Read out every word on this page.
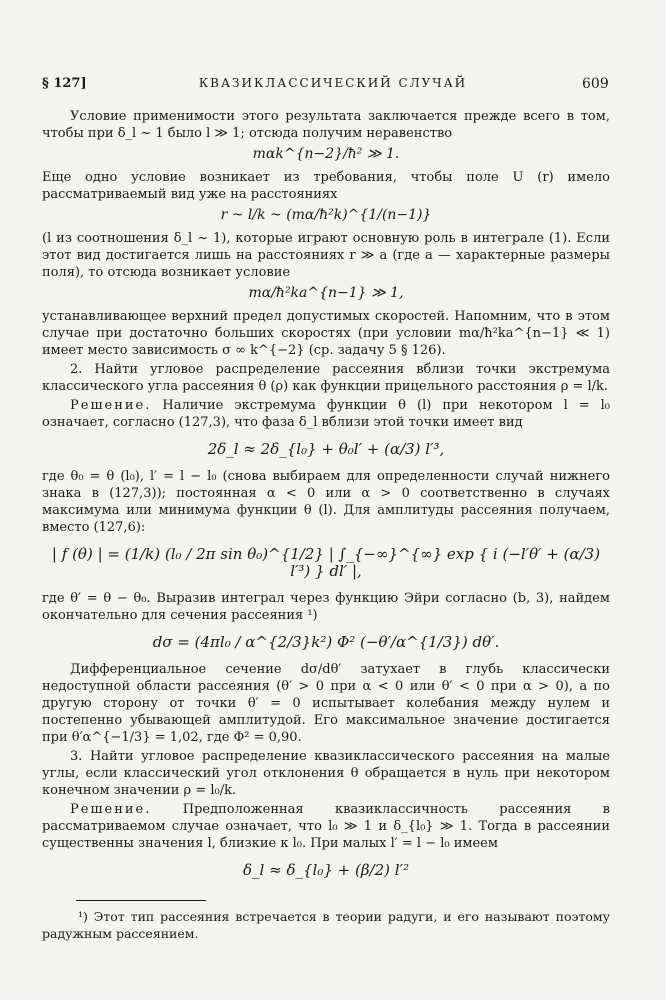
§ 127]	КВАЗИКЛАССИЧЕСКИЙ СЛУЧАЙ	609

Условие применимости этого результата заключается прежде всего в том, чтобы при δ_l ~ 1 было l ≫ 1; отсюда получим неравенство

mαk^{n−2}/ħ² ≫ 1.

Еще одно условие возникает из требования, чтобы поле U (r) имело рассматриваемый вид уже на расстояниях

r ~ l/k ~ (mα/ħ²k)^{1/(n−1)}

(l из соотношения δ_l ~ 1), которые играют основную роль в интеграле (1). Если этот вид достигается лишь на расстояниях r ≫ a (где a — характерные размеры поля), то отсюда возникает условие

mα/ħ²ka^{n−1} ≫ 1,

устанавливающее верхний предел допустимых скоростей. Напомним, что в этом случае при достаточно больших скоростях (при условии mα/ħ²ka^{n−1} ≪ 1) имеет место зависимость σ ∞ k^{−2} (ср. задачу 5 § 126).

2. Найти угловое распределение рассеяния вблизи точки экстремума классического угла рассеяния θ (ρ) как функции прицельного расстояния ρ = l/k.

Решение. Наличие экстремума функции θ (l) при некотором l = l₀ означает, согласно (127,3), что фаза δ_l вблизи этой точки имеет вид

2δ_l ≈ 2δ_{l₀} + θ₀l′ + (α/3) l′³,

где θ₀ = θ (l₀), l′ = l − l₀ (снова выбираем для определенности случай нижнего знака в (127,3)); постоянная α < 0 или α > 0 соответственно в случаях максимума или минимума функции θ (l). Для амплитуды рассеяния получаем, вместо (127,6):

| f (θ) | = (1/k) (l₀ / 2π sin θ₀)^{1/2} | ∫_{−∞}^{∞} exp { i (−l′θ′ + (α/3) l′³) } dl′ |,

где θ′ = θ − θ₀. Выразив интеграл через функцию Эйри согласно (b, 3), найдем окончательно для сечения рассеяния ¹)

dσ = (4πl₀ / α^{2/3}k²) Φ² (−θ′/α^{1/3}) dθ′.

Дифференциальное сечение dσ/dθ′ затухает в глубь классически недоступной области рассеяния (θ′ > 0 при α < 0 или θ′ < 0 при α > 0), а по другую сторону от точки θ′ = 0 испытывает колебания между нулем и постепенно убывающей амплитудой. Его максимальное значение достигается при θ′α^{−1/3} = 1,02, где Φ² = 0,90.

3. Найти угловое распределение квазиклассического рассеяния на малые углы, если классический угол отклонения θ обращается в нуль при некотором конечном значении ρ = l₀/k.

Решение. Предположенная квазиклассичность рассеяния в рассматриваемом случае означает, что l₀ ≫ 1 и δ_{l₀} ≫ 1. Тогда в рассеянии существенны значения l, близкие к l₀. При малых l′ = l − l₀ имеем

δ_l ≈ δ_{l₀} + (β/2) l′²
¹) Этот тип рассеяния встречается в теории радуги, и его называют поэтому радужным рассеянием.
